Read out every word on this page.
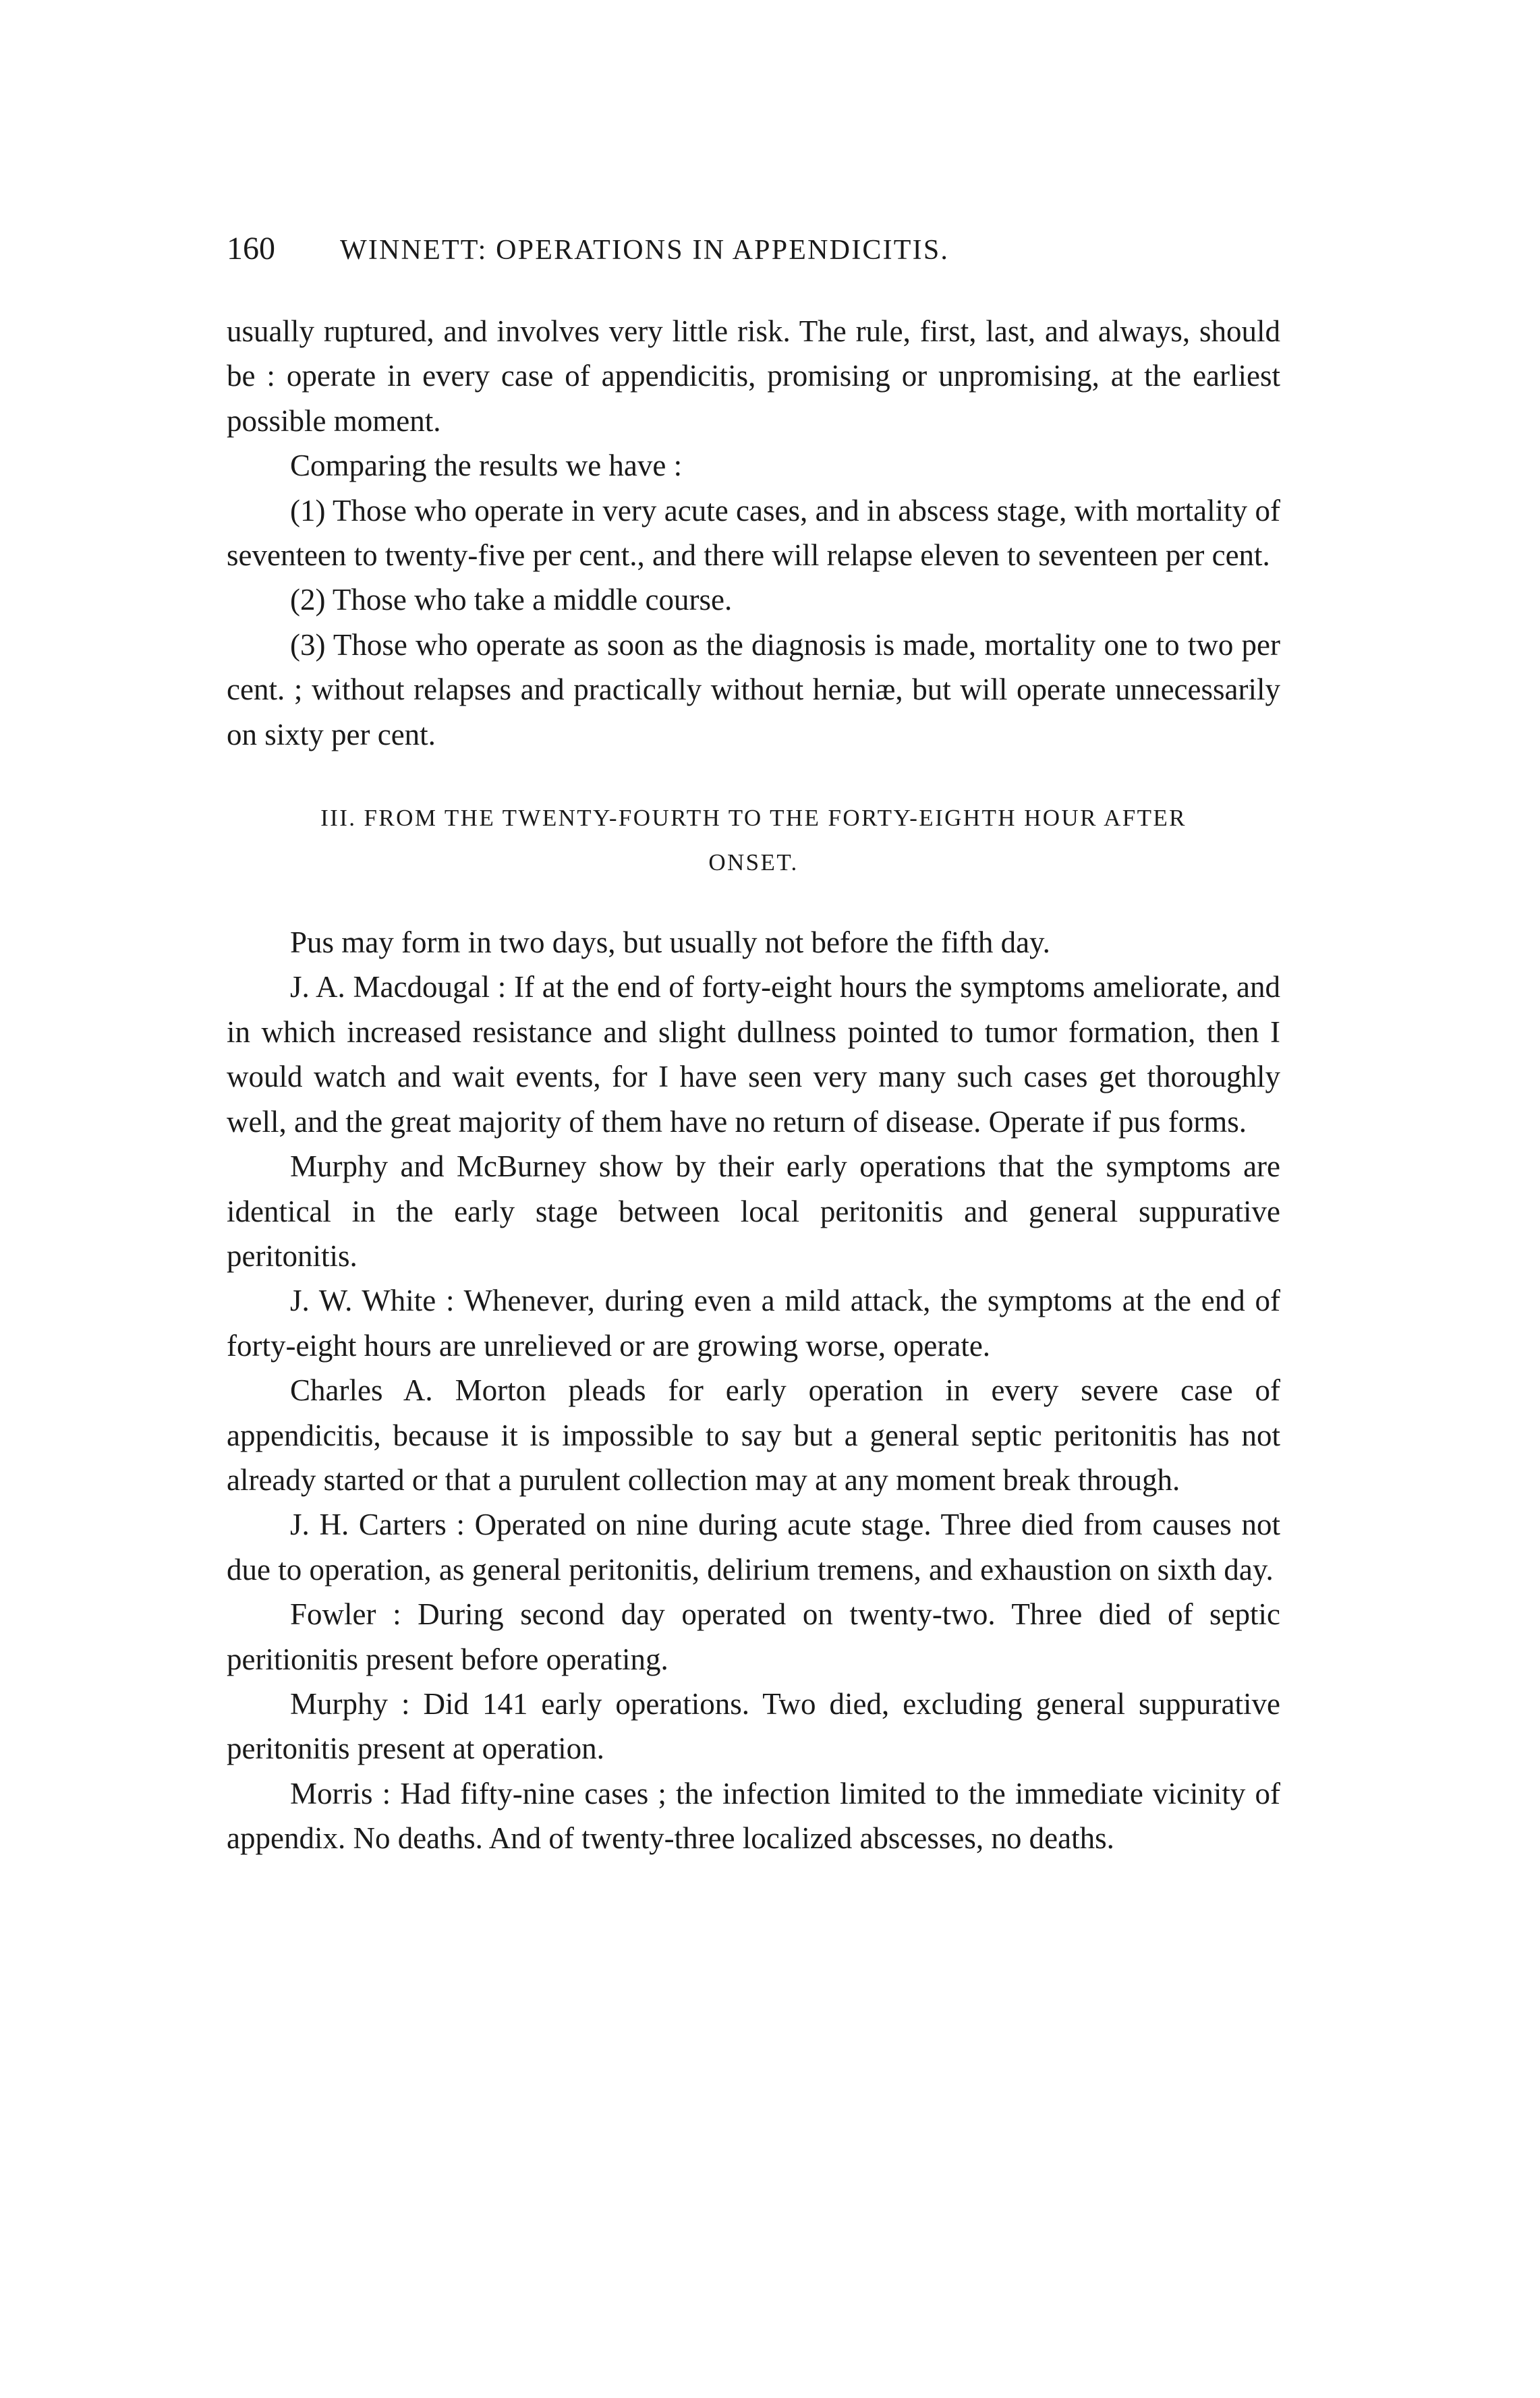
160 WINNETT: OPERATIONS IN APPENDICITIS.

usually ruptured, and involves very little risk. The rule, first, last, and always, should be : operate in every case of appendicitis, promising or unpromising, at the earliest possible moment.

Comparing the results we have :

(1) Those who operate in very acute cases, and in abscess stage, with mortality of seventeen to twenty-five per cent., and there will relapse eleven to seventeen per cent.

(2) Those who take a middle course.

(3) Those who operate as soon as the diagnosis is made, mortality one to two per cent. ; without relapses and practically without herniæ, but will operate unnecessarily on sixty per cent.

III. FROM THE TWENTY-FOURTH TO THE FORTY-EIGHTH HOUR AFTER
ONSET.

Pus may form in two days, but usually not before the fifth day.

J. A. Macdougal : If at the end of forty-eight hours the symptoms ameliorate, and in which increased resistance and slight dullness pointed to tumor formation, then I would watch and wait events, for I have seen very many such cases get thoroughly well, and the great majority of them have no return of disease. Operate if pus forms.

Murphy and McBurney show by their early operations that the symptoms are identical in the early stage between local peritonitis and general suppurative peritonitis.

J. W. White : Whenever, during even a mild attack, the symptoms at the end of forty-eight hours are unrelieved or are growing worse, operate.

Charles A. Morton pleads for early operation in every severe case of appendicitis, because it is impossible to say but a general septic peritonitis has not already started or that a purulent collection may at any moment break through.

J. H. Carters : Operated on nine during acute stage. Three died from causes not due to operation, as general peritonitis, delirium tremens, and exhaustion on sixth day.

Fowler : During second day operated on twenty-two. Three died of septic peritionitis present before operating.

Murphy : Did 141 early operations. Two died, excluding general suppurative peritonitis present at operation.

Morris : Had fifty-nine cases ; the infection limited to the immediate vicinity of appendix. No deaths. And of twenty-three localized abscesses, no deaths.
